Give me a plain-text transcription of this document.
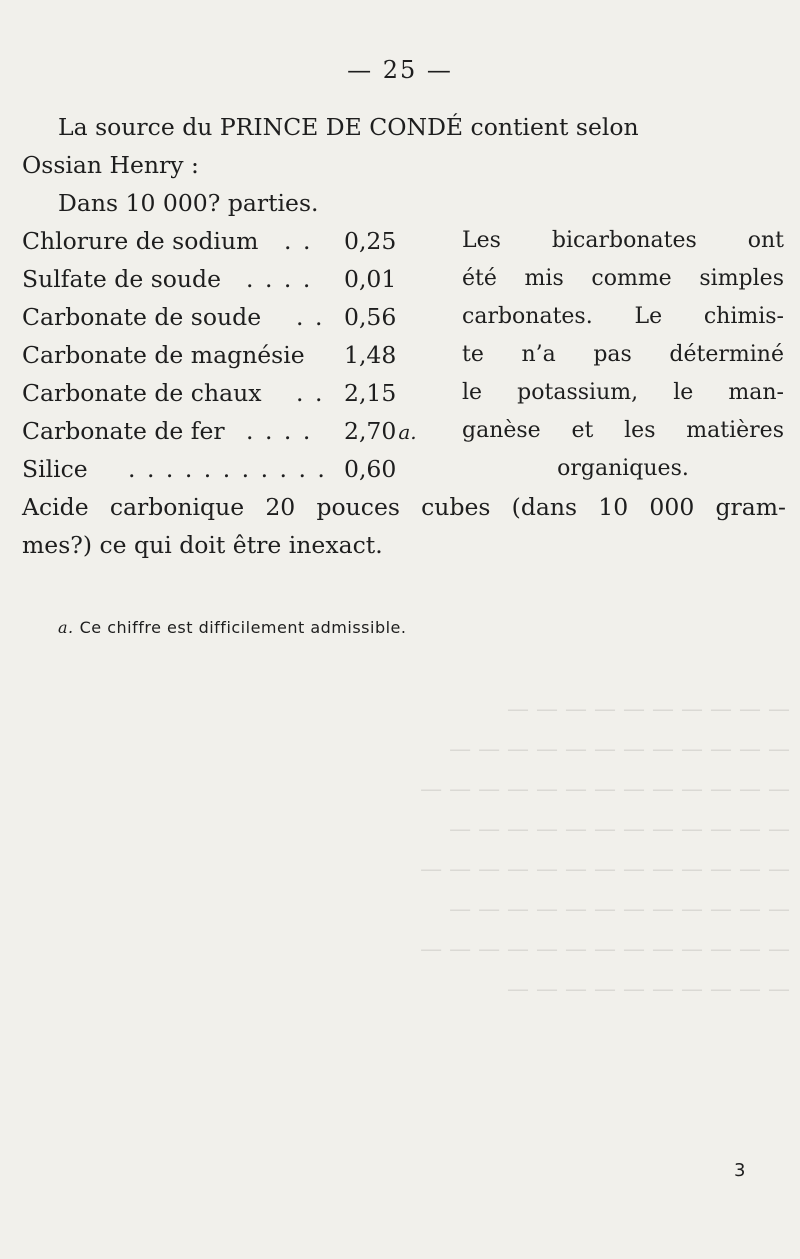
— 25 —
La source du PRINCE DE CONDÉ contient selon
Ossian Henry :
Dans 10 000? parties.
Chlorure de sodium . . 0,25
Sulfate de soude . . . . 0,01
Carbonate de soude . . 0,56
Carbonate de magnésie 1,48
Carbonate de chaux . . 2,15
Carbonate de fer . . . . 2,70 a.
Silice . . . . . . . . . . . 0,60
Les bicarbonates ont
été mis comme simples
carbonates. Le chimis-
te n’a pas déterminé
le potassium, le man-
ganèse et les matières
organiques.
Acide carbonique 20 pouces cubes (dans 10 000 gram-
mes?) ce qui doit être inexact.
a. Ce chiffre est difficilement admissible.
— — — — — — — — — —
— — — — — — — — — — — —
— — — — — — — — — — — — —
— — — — — — — — — — — —
— — — — — — — — — — — — —
— — — — — — — — — — — —
— — — — — — — — — — — — —
— — — — — — — — — —
3
